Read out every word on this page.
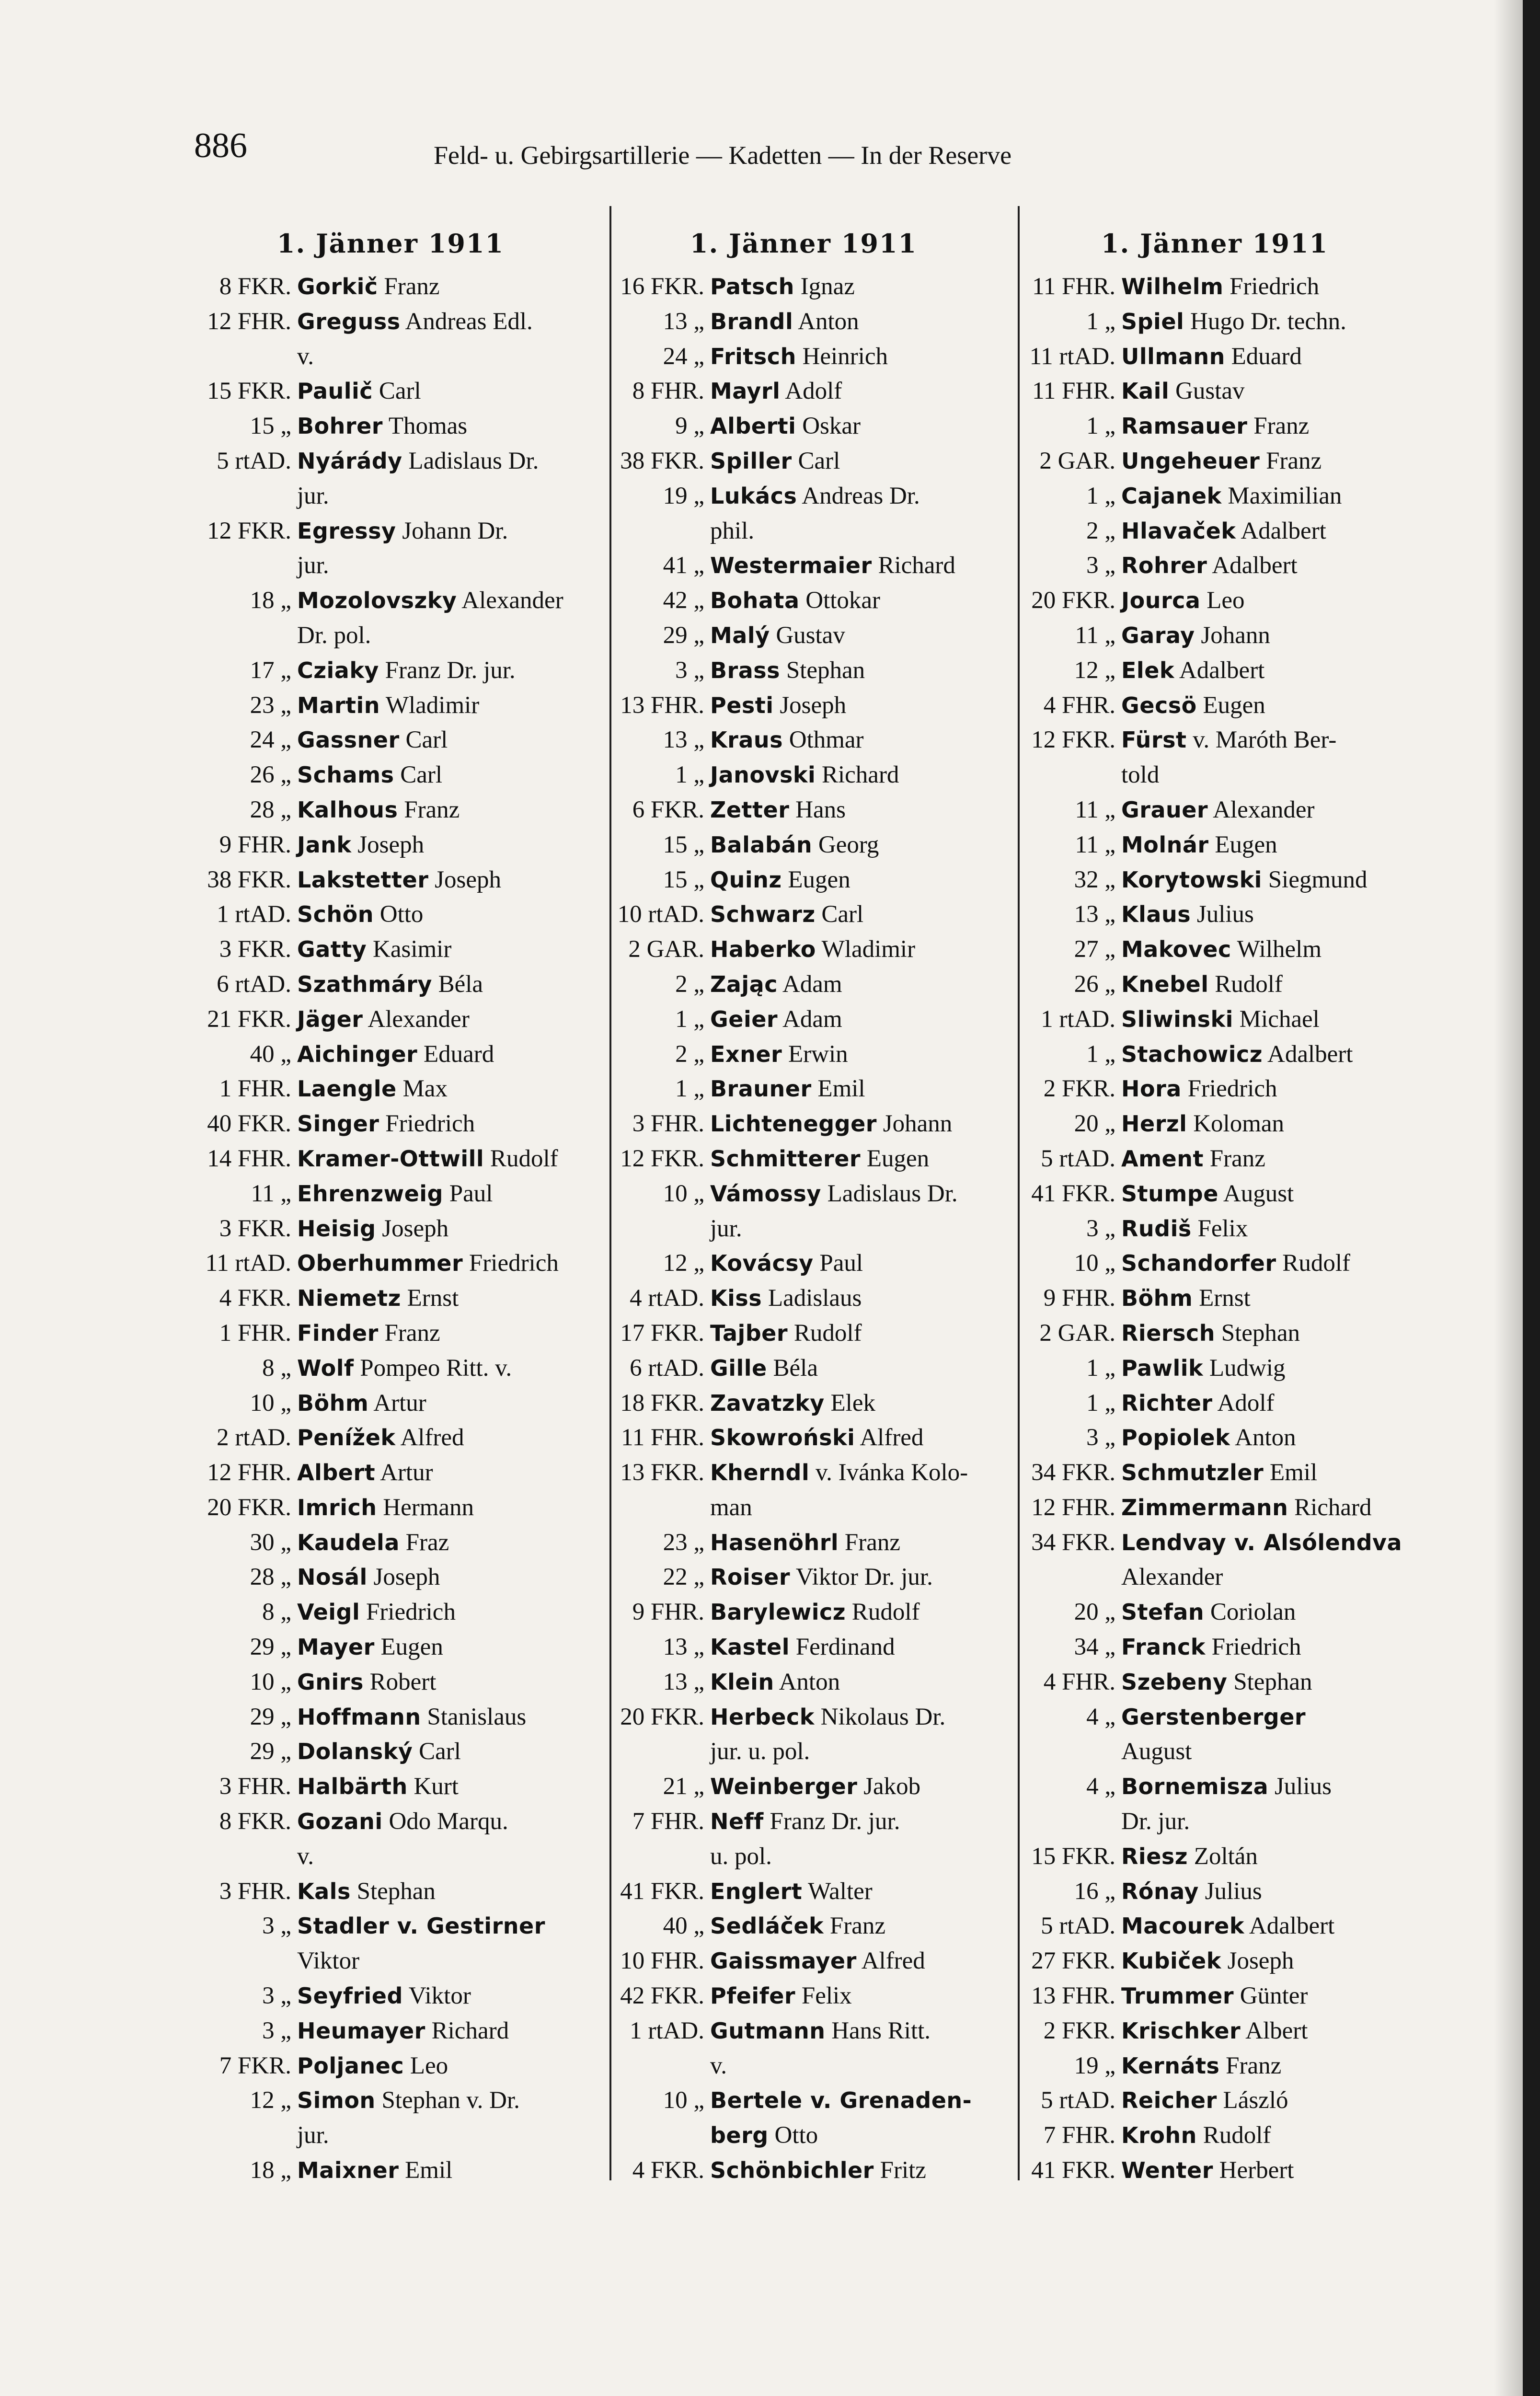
886	Feld- u. Gebirgsartillerie — Kadetten — In der Reserve
1. Jänner 1911
8 FKR. Gorkič Franz
12 FHR. Greguss Andreas Edl.
v.
15 FKR. Paulič Carl
15 „ Bohrer Thomas
5 rtAD. Nyárády Ladislaus Dr.
jur.
12 FKR. Egressy Johann Dr.
jur.
18 „ Mozolovszky Alexander
Dr. pol.
17 „ Cziaky Franz Dr. jur.
23 „ Martin Wladimir
24 „ Gassner Carl
26 „ Schams Carl
28 „ Kalhous Franz
9 FHR. Jank Joseph
38 FKR. Lakstetter Joseph
1 rtAD. Schön Otto
3 FKR. Gatty Kasimir
6 rtAD. Szathmáry Béla
21 FKR. Jäger Alexander
40 „ Aichinger Eduard
1 FHR. Laengle Max
40 FKR. Singer Friedrich
14 FHR. Kramer-Ottwill Rudolf
11 „ Ehrenzweig Paul
3 FKR. Heisig Joseph
11 rtAD. Oberhummer Friedrich
4 FKR. Niemetz Ernst
1 FHR. Finder Franz
8 „ Wolf Pompeo Ritt. v.
10 „ Böhm Artur
2 rtAD. Penížek Alfred
12 FHR. Albert Artur
20 FKR. Imrich Hermann
30 „ Kaudela Fraz
28 „ Nosál Joseph
8 „ Veigl Friedrich
29 „ Mayer Eugen
10 „ Gnirs Robert
29 „ Hoffmann Stanislaus
29 „ Dolanský Carl
3 FHR. Halbärth Kurt
8 FKR. Gozani Odo Marqu.
v.
3 FHR. Kals Stephan
3 „ Stadler v. Gestirner
Viktor
3 „ Seyfried Viktor
3 „ Heumayer Richard
7 FKR. Poljanec Leo
12 „ Simon Stephan v. Dr.
jur.
18 „ Maixner Emil
1. Jänner 1911
16 FKR. Patsch Ignaz
13 „ Brandl Anton
24 „ Fritsch Heinrich
8 FHR. Mayrl Adolf
9 „ Alberti Oskar
38 FKR. Spiller Carl
19 „ Lukács Andreas Dr.
phil.
41 „ Westermaier Richard
42 „ Bohata Ottokar
29 „ Malý Gustav
3 „ Brass Stephan
13 FHR. Pesti Joseph
13 „ Kraus Othmar
1 „ Janovski Richard
6 FKR. Zetter Hans
15 „ Balabán Georg
15 „ Quinz Eugen
10 rtAD. Schwarz Carl
2 GAR. Haberko Wladimir
2 „ Zając Adam
1 „ Geier Adam
2 „ Exner Erwin
1 „ Brauner Emil
3 FHR. Lichtenegger Johann
12 FKR. Schmitterer Eugen
10 „ Vámossy Ladislaus Dr.
jur.
12 „ Kovácsy Paul
4 rtAD. Kiss Ladislaus
17 FKR. Tajber Rudolf
6 rtAD. Gille Béla
18 FKR. Zavatzky Elek
11 FHR. Skowroński Alfred
13 FKR. Kherndl v. Ivánka Kolo-
man
23 „ Hasenöhrl Franz
22 „ Roiser Viktor Dr. jur.
9 FHR. Barylewicz Rudolf
13 „ Kastel Ferdinand
13 „ Klein Anton
20 FKR. Herbeck Nikolaus Dr.
jur. u. pol.
21 „ Weinberger Jakob
7 FHR. Neff Franz Dr. jur.
u. pol.
41 FKR. Englert Walter
40 „ Sedláček Franz
10 FHR. Gaissmayer Alfred
42 FKR. Pfeifer Felix
1 rtAD. Gutmann Hans Ritt.
v.
10 „ Bertele v. Grenaden-
berg Otto
4 FKR. Schönbichler Fritz
1. Jänner 1911
11 FHR. Wilhelm Friedrich
1 „ Spiel Hugo Dr. techn.
11 rtAD. Ullmann Eduard
11 FHR. Kail Gustav
1 „ Ramsauer Franz
2 GAR. Ungeheuer Franz
1 „ Cajanek Maximilian
2 „ Hlavaček Adalbert
3 „ Rohrer Adalbert
20 FKR. Jourca Leo
11 „ Garay Johann
12 „ Elek Adalbert
4 FHR. Gecsö Eugen
12 FKR. Fürst v. Maróth Ber-
told
11 „ Grauer Alexander
11 „ Molnár Eugen
32 „ Korytowski Siegmund
13 „ Klaus Julius
27 „ Makovec Wilhelm
26 „ Knebel Rudolf
1 rtAD. Sliwinski Michael
1 „ Stachowicz Adalbert
2 FKR. Hora Friedrich
20 „ Herzl Koloman
5 rtAD. Ament Franz
41 FKR. Stumpe August
3 „ Rudiš Felix
10 „ Schandorfer Rudolf
9 FHR. Böhm Ernst
2 GAR. Riersch Stephan
1 „ Pawlik Ludwig
1 „ Richter Adolf
3 „ Popiolek Anton
34 FKR. Schmutzler Emil
12 FHR. Zimmermann Richard
34 FKR. Lendvay v. Alsólendva
Alexander
20 „ Stefan Coriolan
34 „ Franck Friedrich
4 FHR. Szebeny Stephan
4 „ Gerstenberger
August
4 „ Bornemisza Julius
Dr. jur.
15 FKR. Riesz Zoltán
16 „ Rónay Julius
5 rtAD. Macourek Adalbert
27 FKR. Kubiček Joseph
13 FHR. Trummer Günter
2 FKR. Krischker Albert
19 „ Kernáts Franz
5 rtAD. Reicher László
7 FHR. Krohn Rudolf
41 FKR. Wenter Herbert
